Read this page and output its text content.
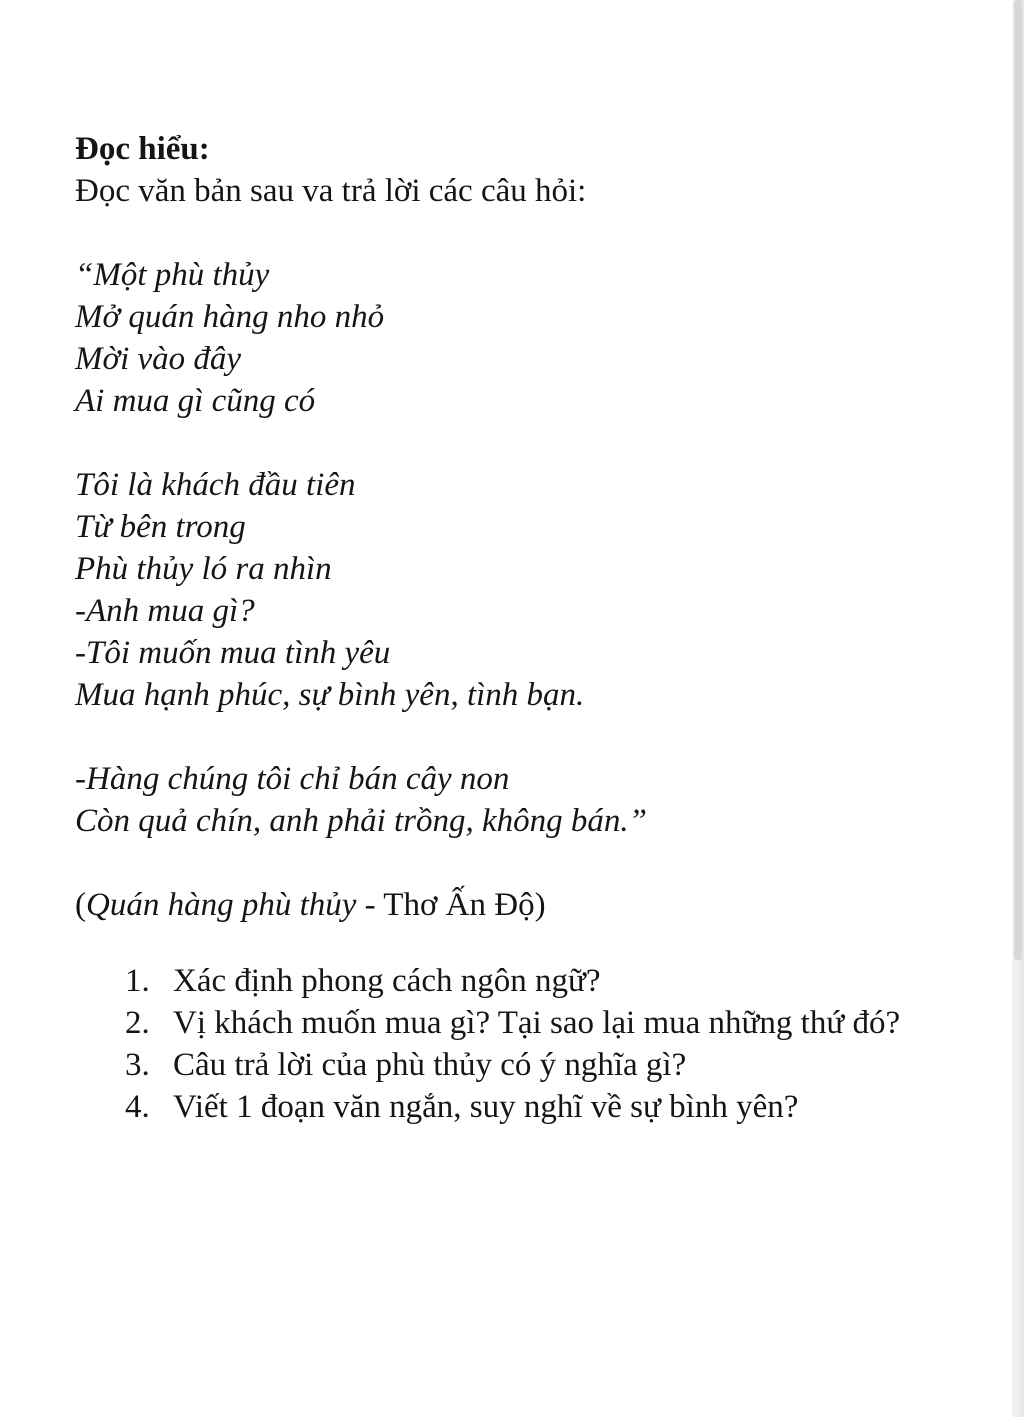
Đọc hiểu:
Đọc văn bản sau va trả lời các câu hỏi:
“Một phù thủy
Mở quán hàng nho nhỏ
Mời vào đây
Ai mua gì cũng có
Tôi là khách đầu tiên
Từ bên trong
Phù thủy ló ra nhìn
-Anh mua gì?
-Tôi muốn mua tình yêu
Mua hạnh phúc, sự bình yên, tình bạn.
-Hàng chúng tôi chỉ bán cây non
Còn quả chín, anh phải trồng, không bán.”
(Quán hàng phù thủy - Thơ Ấn Độ)
1. Xác định phong cách ngôn ngữ?
2. Vị khách muốn mua gì? Tại sao lại mua những thứ đó?
3. Câu trả lời của phù thủy có ý nghĩa gì?
4. Viết 1 đoạn văn ngắn, suy nghĩ về sự bình yên?
